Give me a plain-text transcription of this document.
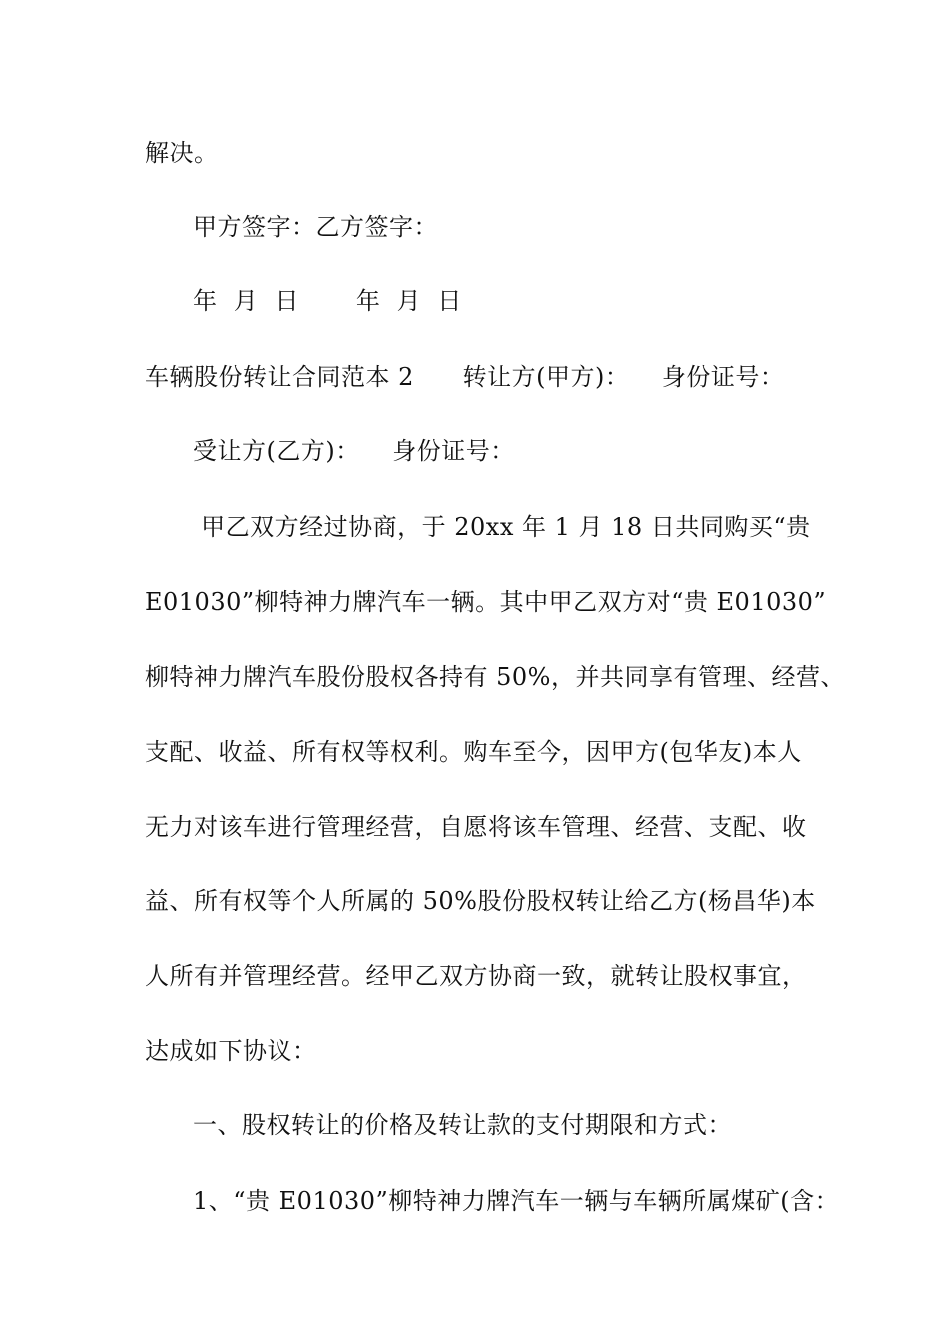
解决。
甲方签字：乙方签字：
年  月  日       年  月  日
车辆股份转让合同范本 2      转让方(甲方)：    身份证号：
受让方(乙方)：    身份证号：
甲乙双方经过协商，于 20xx 年 1 月 18 日共同购买“贵
E01030”柳特神力牌汽车一辆。其中甲乙双方对“贵 E01030”
柳特神力牌汽车股份股权各持有 50%，并共同享有管理、经营、
支配、收益、所有权等权利。购车至今，因甲方(包华友)本人
无力对该车进行管理经营，自愿将该车管理、经营、支配、收
益、所有权等个人所属的 50%股份股权转让给乙方(杨昌华)本
人所有并管理经营。经甲乙双方协商一致，就转让股权事宜，
达成如下协议：
一、股权转让的价格及转让款的支付期限和方式：
1、“贵 E01030”柳特神力牌汽车一辆与车辆所属煤矿(含：
